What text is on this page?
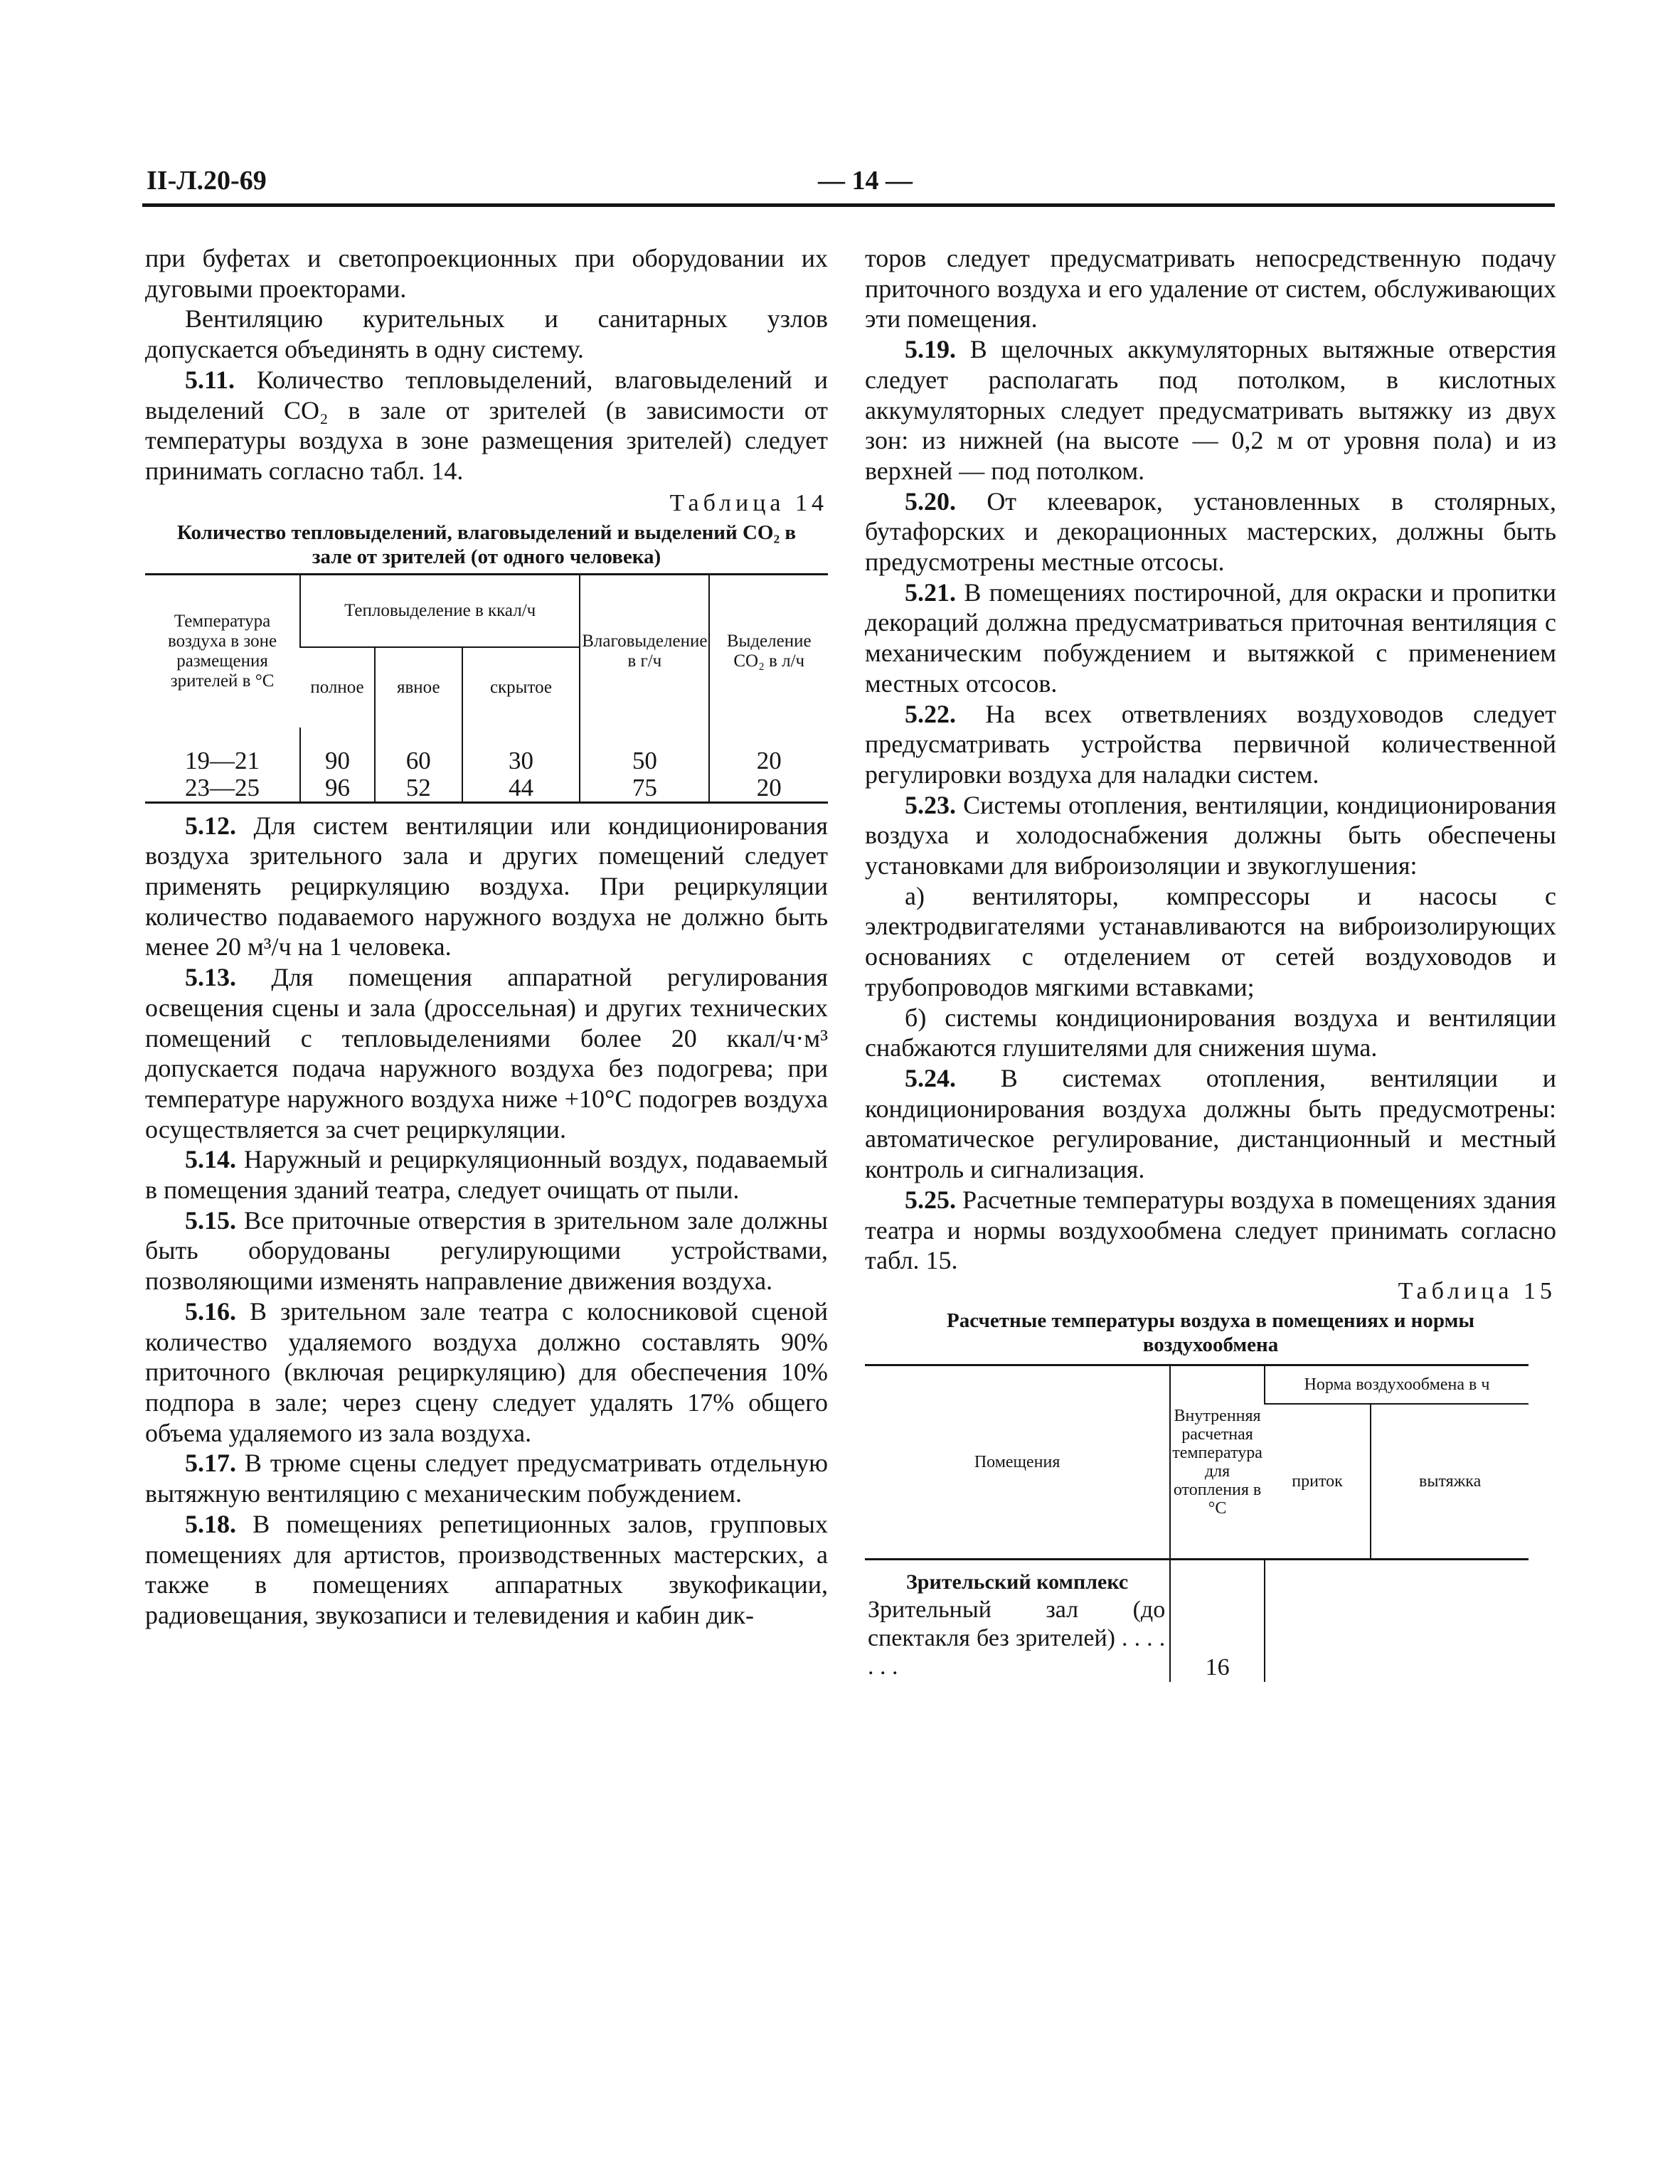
II-Л.20-69	— 14 —

при буфетах и светопроекционных при оборудовании их дуговыми проекторами.

Вентиляцию курительных и санитарных узлов допускается объединять в одну систему.

5.11. Количество тепловыделений, влаговыделений и выделений CO₂ в зале от зрителей (в зависимости от температуры воздуха в зоне размещения зрителей) следует принимать согласно табл. 14.

Таблица 14
Количество тепловыделений, влаговыделений и выделений CO₂ в зале от зрителей (от одного человека)
Температура воздуха в зоне размещения зрителей в °С	Тепловыделение в ккал/ч			Влаговыделение в г/ч	Выделение CO₂ в л/ч
	полное	явное	скрытое		
19—21	90	60	30	50	20
23—25	96	52	44	75	20

5.12. Для систем вентиляции или кондиционирования воздуха зрительного зала и других помещений следует применять рециркуляцию воздуха. При рециркуляции количество подаваемого наружного воздуха не должно быть менее 20 м³/ч на 1 человека.

5.13. Для помещения аппаратной регулирования освещения сцены и зала (дроссельная) и других технических помещений с тепловыделениями более 20 ккал/ч·м³ допускается подача наружного воздуха без подогрева; при температуре наружного воздуха ниже +10°С подогрев воздуха осуществляется за счет рециркуляции.

5.14. Наружный и рециркуляционный воздух, подаваемый в помещения зданий театра, следует очищать от пыли.

5.15. Все приточные отверстия в зрительном зале должны быть оборудованы регулирующими устройствами, позволяющими изменять направление движения воздуха.

5.16. В зрительном зале театра с колосниковой сценой количество удаляемого воздуха должно составлять 90% приточного (включая рециркуляцию) для обеспечения 10% подпора в зале; через сцену следует удалять 17% общего объема удаляемого из зала воздуха.

5.17. В трюме сцены следует предусматривать отдельную вытяжную вентиляцию с механическим побуждением.

5.18. В помещениях репетиционных залов, групповых помещениях для артистов, производственных мастерских, а также в помещениях аппаратных звукофикации, радиовещания, звукозаписи и телевидения и кабин дик-

торов следует предусматривать непосредственную подачу приточного воздуха и его удаление от систем, обслуживающих эти помещения.

5.19. В щелочных аккумуляторных вытяжные отверстия следует располагать под потолком, в кислотных аккумуляторных следует предусматривать вытяжку из двух зон: из нижней (на высоте — 0,2 м от уровня пола) и из верхней — под потолком.

5.20. От клееварок, установленных в столярных, бутафорских и декорационных мастерских, должны быть предусмотрены местные отсосы.

5.21. В помещениях постирочной, для окраски и пропитки декораций должна предусматриваться приточная вентиляция с механическим побуждением и вытяжкой с применением местных отсосов.

5.22. На всех ответвлениях воздуховодов следует предусматривать устройства первичной количественной регулировки воздуха для наладки систем.

5.23. Системы отопления, вентиляции, кондиционирования воздуха и холодоснабжения должны быть обеспечены установками для виброизоляции и звукоглушения:

а) вентиляторы, компрессоры и насосы с электродвигателями устанавливаются на виброизолирующих основаниях с отделением от сетей воздуховодов и трубопроводов мягкими вставками;

б) системы кондиционирования воздуха и вентиляции снабжаются глушителями для снижения шума.

5.24. В системах отопления, вентиляции и кондиционирования воздуха должны быть предусмотрены: автоматическое регулирование, дистанционный и местный контроль и сигнализация.

5.25. Расчетные температуры воздуха в помещениях здания театра и нормы воздухообмена следует принимать согласно табл. 15.

Таблица 15
Расчетные температуры воздуха в помещениях и нормы воздухообмена
Помещения	Внутренняя расчетная температура для отопления в °С	Норма воздухообмена в ч	
		приток	вытяжка
Зрительский комплекс			
Зрительный зал (до спектакля без зрителей) . . . . . . .	16		
